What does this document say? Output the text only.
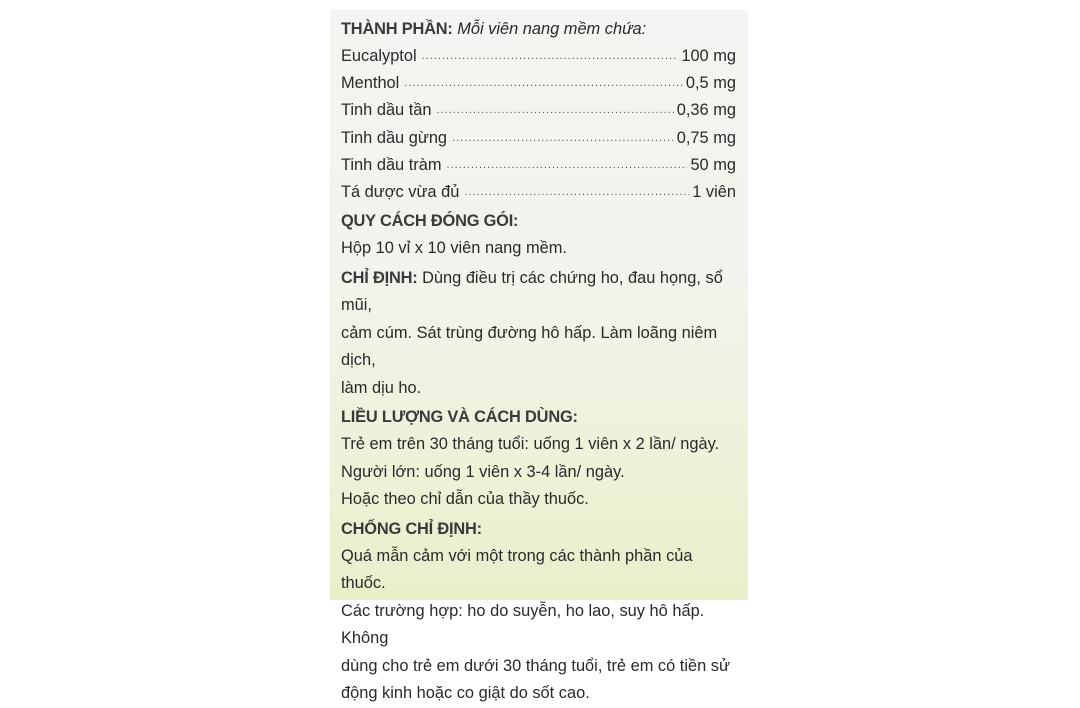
THÀNH PHẦN: Mỗi viên nang mềm chứa:
Eucalyptol .....	100 mg
Menthol .....	0,5 mg
Tinh dầu tần .....	0,36 mg
Tinh dầu gừng .....	0,75 mg
Tinh dầu tràm .....	50 mg
Tá dược vừa đủ .....	1 viên
QUY CÁCH ĐÓNG GÓI:
Hộp 10 vỉ x 10 viên nang mềm.
CHỈ ĐỊNH: Dùng điều trị các chứng ho, đau họng, sổ mũi,
cảm cúm. Sát trùng đường hô hấp. Làm loãng niêm dịch,
làm dịu ho.
LIỀU LƯỢNG VÀ CÁCH DÙNG:
Trẻ em trên 30 tháng tuổi: uống 1 viên x 2 lần/ ngày.
Người lớn: uống 1 viên x 3-4 lần/ ngày.
Hoặc theo chỉ dẫn của thầy thuốc.
CHỐNG CHỈ ĐỊNH:
Quá mẫn cảm với một trong các thành phần của thuốc.
Các trường hợp: ho do suyễn, ho lao, suy hô hấp. Không
dùng cho trẻ em dưới 30 tháng tuổi, trẻ em có tiền sử
động kinh hoặc co giật do sốt cao.
